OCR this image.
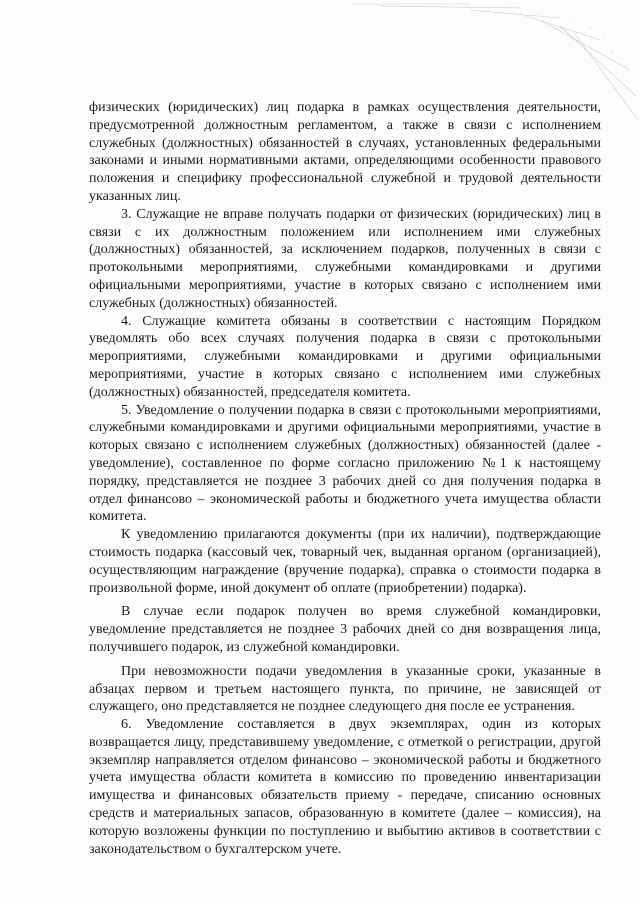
физических (юридических) лиц подарка в рамках осуществления деятельности, предусмотренной должностным регламентом, а также в связи с исполнением служебных (должностных) обязанностей в случаях, установленных федеральными законами и иными нормативными актами, определяющими особенности правового положения и специфику профессиональной служебной и трудовой деятельности указанных лиц.

3. Служащие не вправе получать подарки от физических (юридических) лиц в связи с их должностным положением или исполнением ими служебных (должностных) обязанностей, за исключением подарков, полученных в связи с протокольными мероприятиями, служебными командировками и другими официальными мероприятиями, участие в которых связано с исполнением ими служебных (должностных) обязанностей.

4. Служащие комитета обязаны в соответствии с настоящим Порядком уведомлять обо всех случаях получения подарка в связи с протокольными мероприятиями, служебными командировками и другими официальными мероприятиями, участие в которых связано с исполнением ими служебных (должностных) обязанностей, председателя комитета.

5. Уведомление о получении подарка в связи с протокольными мероприятиями, служебными командировками и другими официальными мероприятиями, участие в которых связано с исполнением служебных (должностных) обязанностей (далее - уведомление), составленное по форме согласно приложению №1 к настоящему порядку, представляется не позднее 3 рабочих дней со дня получения подарка в отдел финансово – экономической работы и бюджетного учета имущества области комитета.

К уведомлению прилагаются документы (при их наличии), подтверждающие стоимость подарка (кассовый чек, товарный чек, выданная органом (организацией), осуществляющим награждение (вручение подарка), справка о стоимости подарка в произвольной форме, иной документ об оплате (приобретении) подарка).

В случае если подарок получен во время служебной командировки, уведомление представляется не позднее 3 рабочих дней со дня возвращения лица, получившего подарок, из служебной командировки.

При невозможности подачи уведомления в указанные сроки, указанные в абзацах первом и третьем настоящего пункта, по причине, не зависящей от служащего, оно представляется не позднее следующего дня после ее устранения.

6. Уведомление составляется в двух экземплярах, один из которых возвращается лицу, представившему уведомление, с отметкой о регистрации, другой экземпляр направляется отделом финансово – экономической работы и бюджетного учета имущества области комитета в комиссию по проведению инвентаризации имущества и финансовых обязательств приему - передаче, списанию основных средств и материальных запасов, образованную в комитете (далее – комиссия), на которую возложены функции по поступлению и выбытию активов в соответствии с законодательством о бухгалтерском учете.
